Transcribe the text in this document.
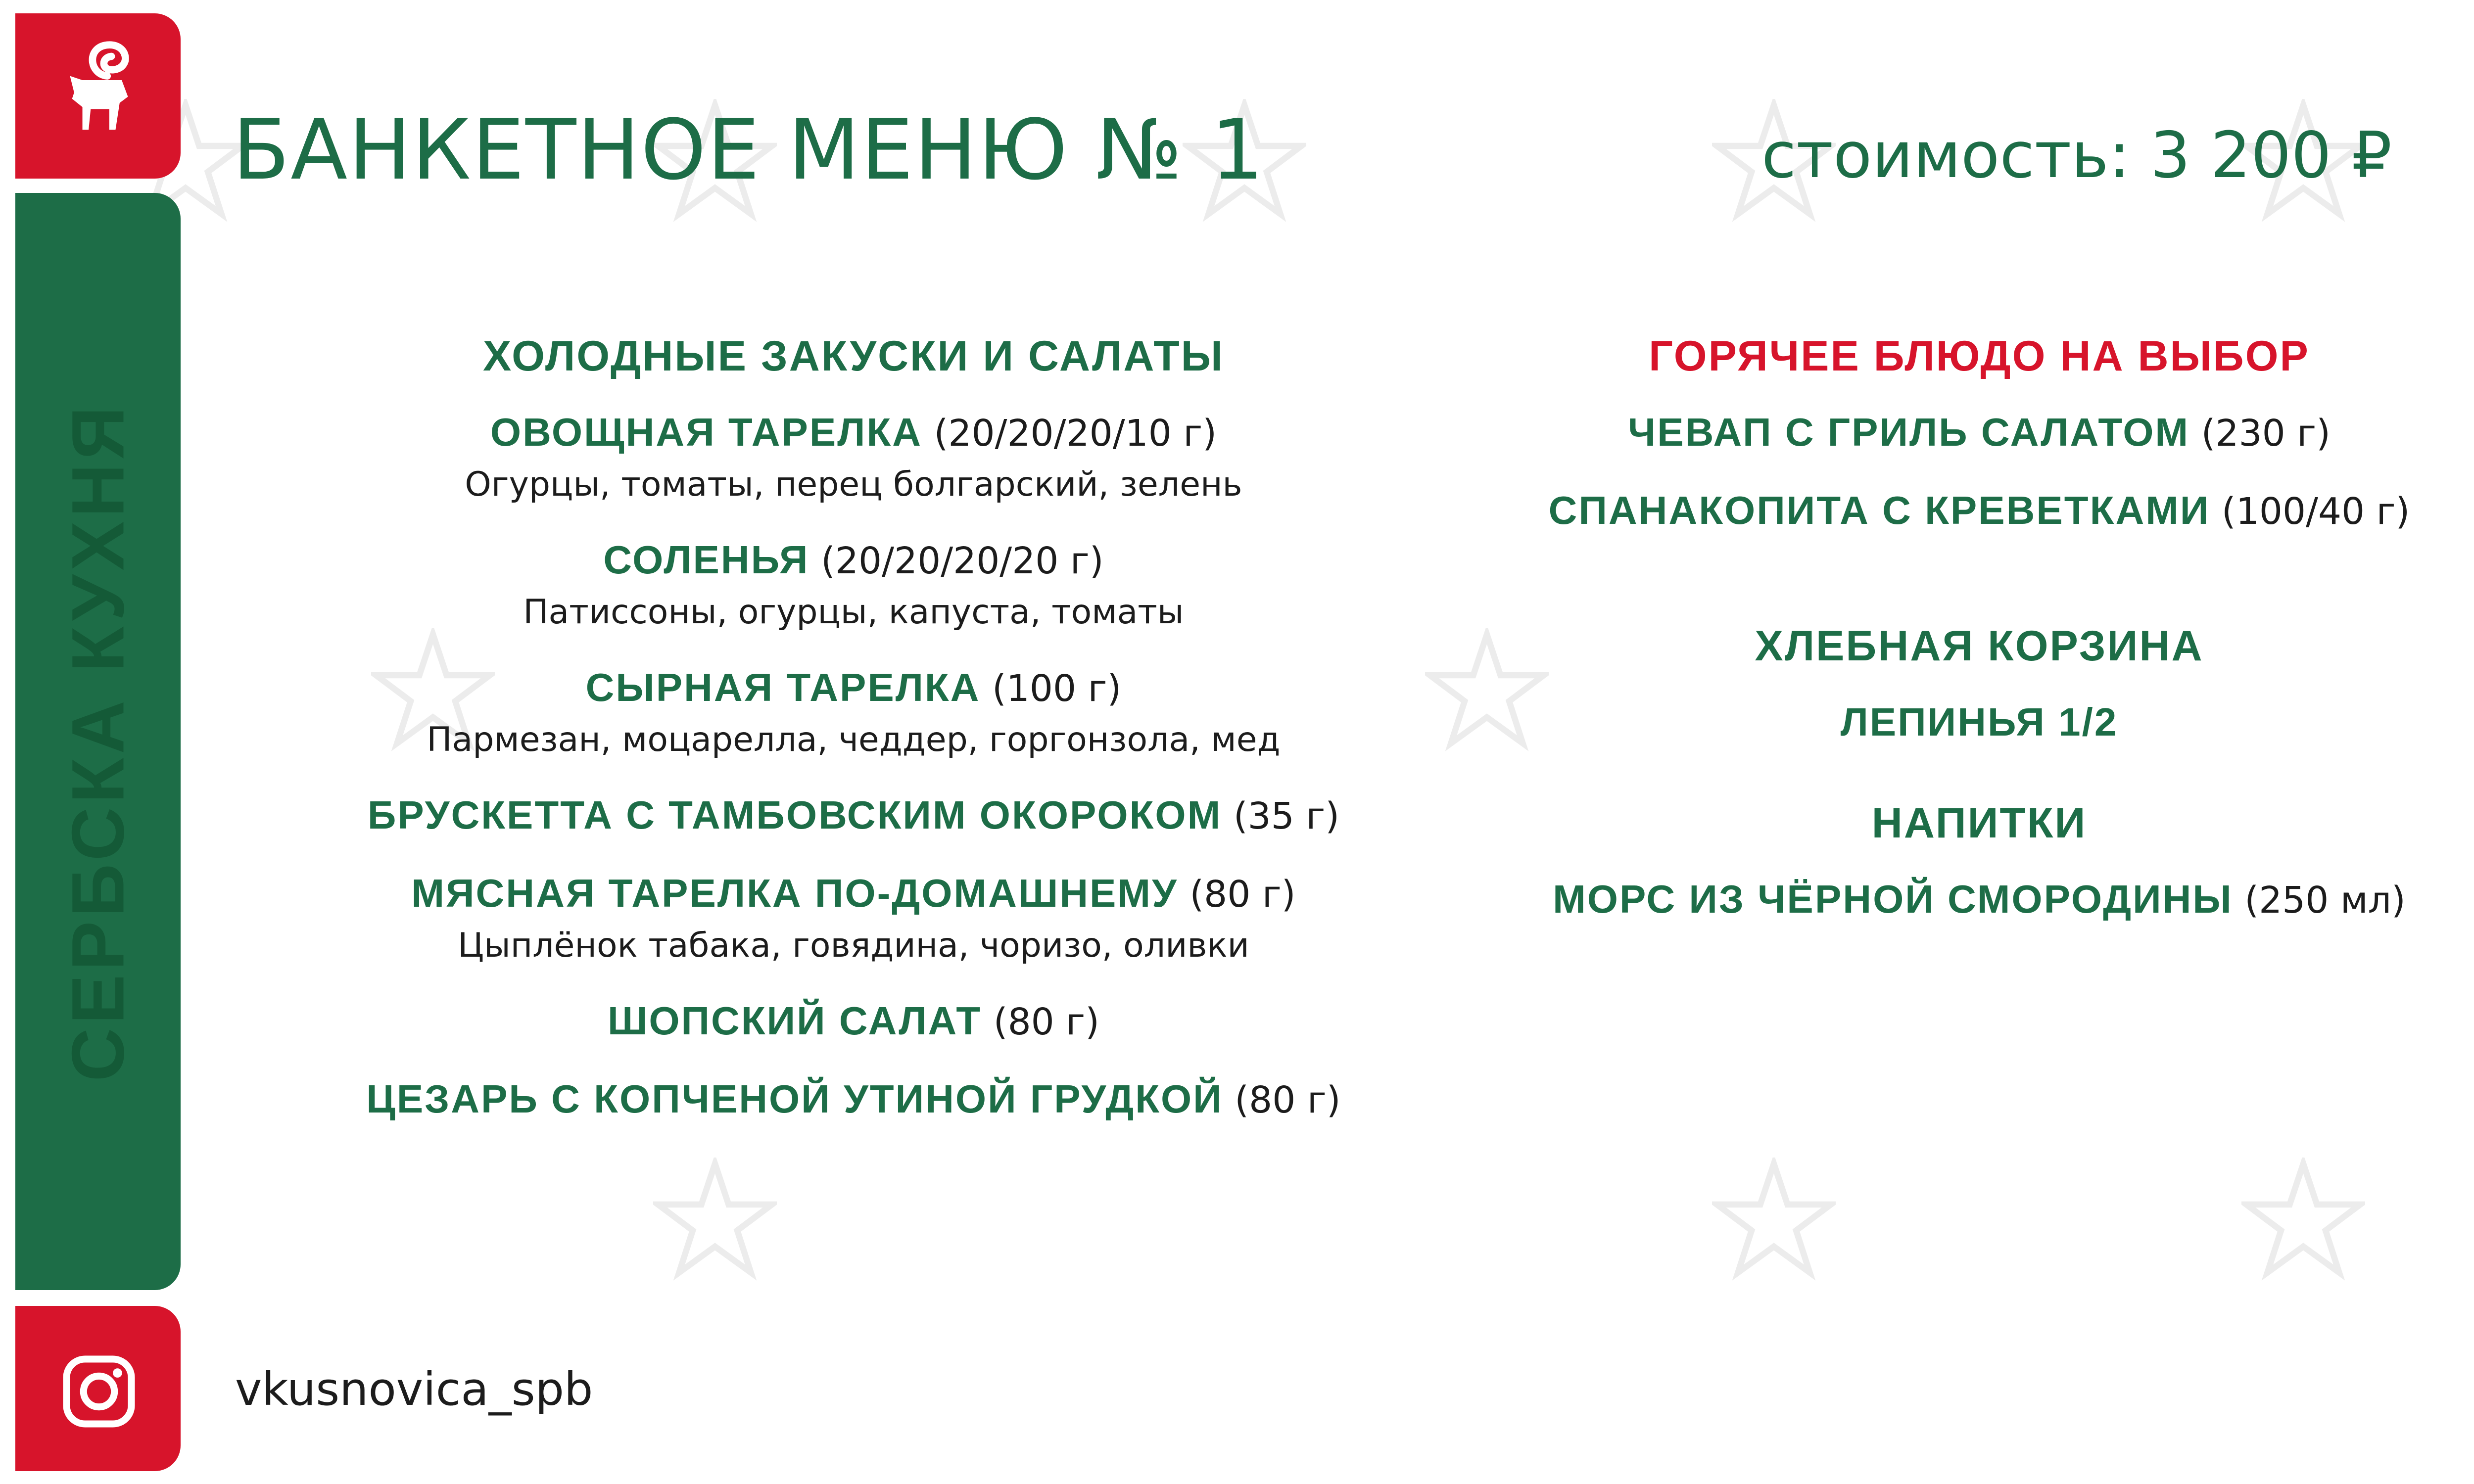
СЕРБСКА КУХНЯ
vkusnovica_spb
БАНКЕТНОЕ МЕНЮ № 1	стоимость: 3 200 ₽
ХОЛОДНЫЕ ЗАКУСКИ И САЛАТЫ
ОВОЩНАЯ ТАРЕЛКА (20/20/20/10 г)
Огурцы, томаты, перец болгарский, зелень
СОЛЕНЬЯ (20/20/20/20 г)
Патиссоны, огурцы, капуста, томаты
СЫРНАЯ ТАРЕЛКА (100 г)
Пармезан, моцарелла, чеддер, горгонзола, мед
БРУСКЕТТА С ТАМБОВСКИМ ОКОРОКОМ (35 г)
МЯСНАЯ ТАРЕЛКА ПО-ДОМАШНЕМУ (80 г)
Цыплёнок табака, говядина, чоризо, оливки
ШОПСКИЙ САЛАТ (80 г)
ЦЕЗАРЬ С КОПЧЕНОЙ УТИНОЙ ГРУДКОЙ (80 г)
ГОРЯЧЕЕ БЛЮДО НА ВЫБОР
ЧЕВАП С ГРИЛЬ САЛАТОМ (230 г)
СПАНАКОПИТА С КРЕВЕТКАМИ (100/40 г)
ХЛЕБНАЯ КОРЗИНА
ЛЕПИНЬЯ 1/2
НАПИТКИ
МОРС ИЗ ЧЁРНОЙ СМОРОДИНЫ (250 мл)
